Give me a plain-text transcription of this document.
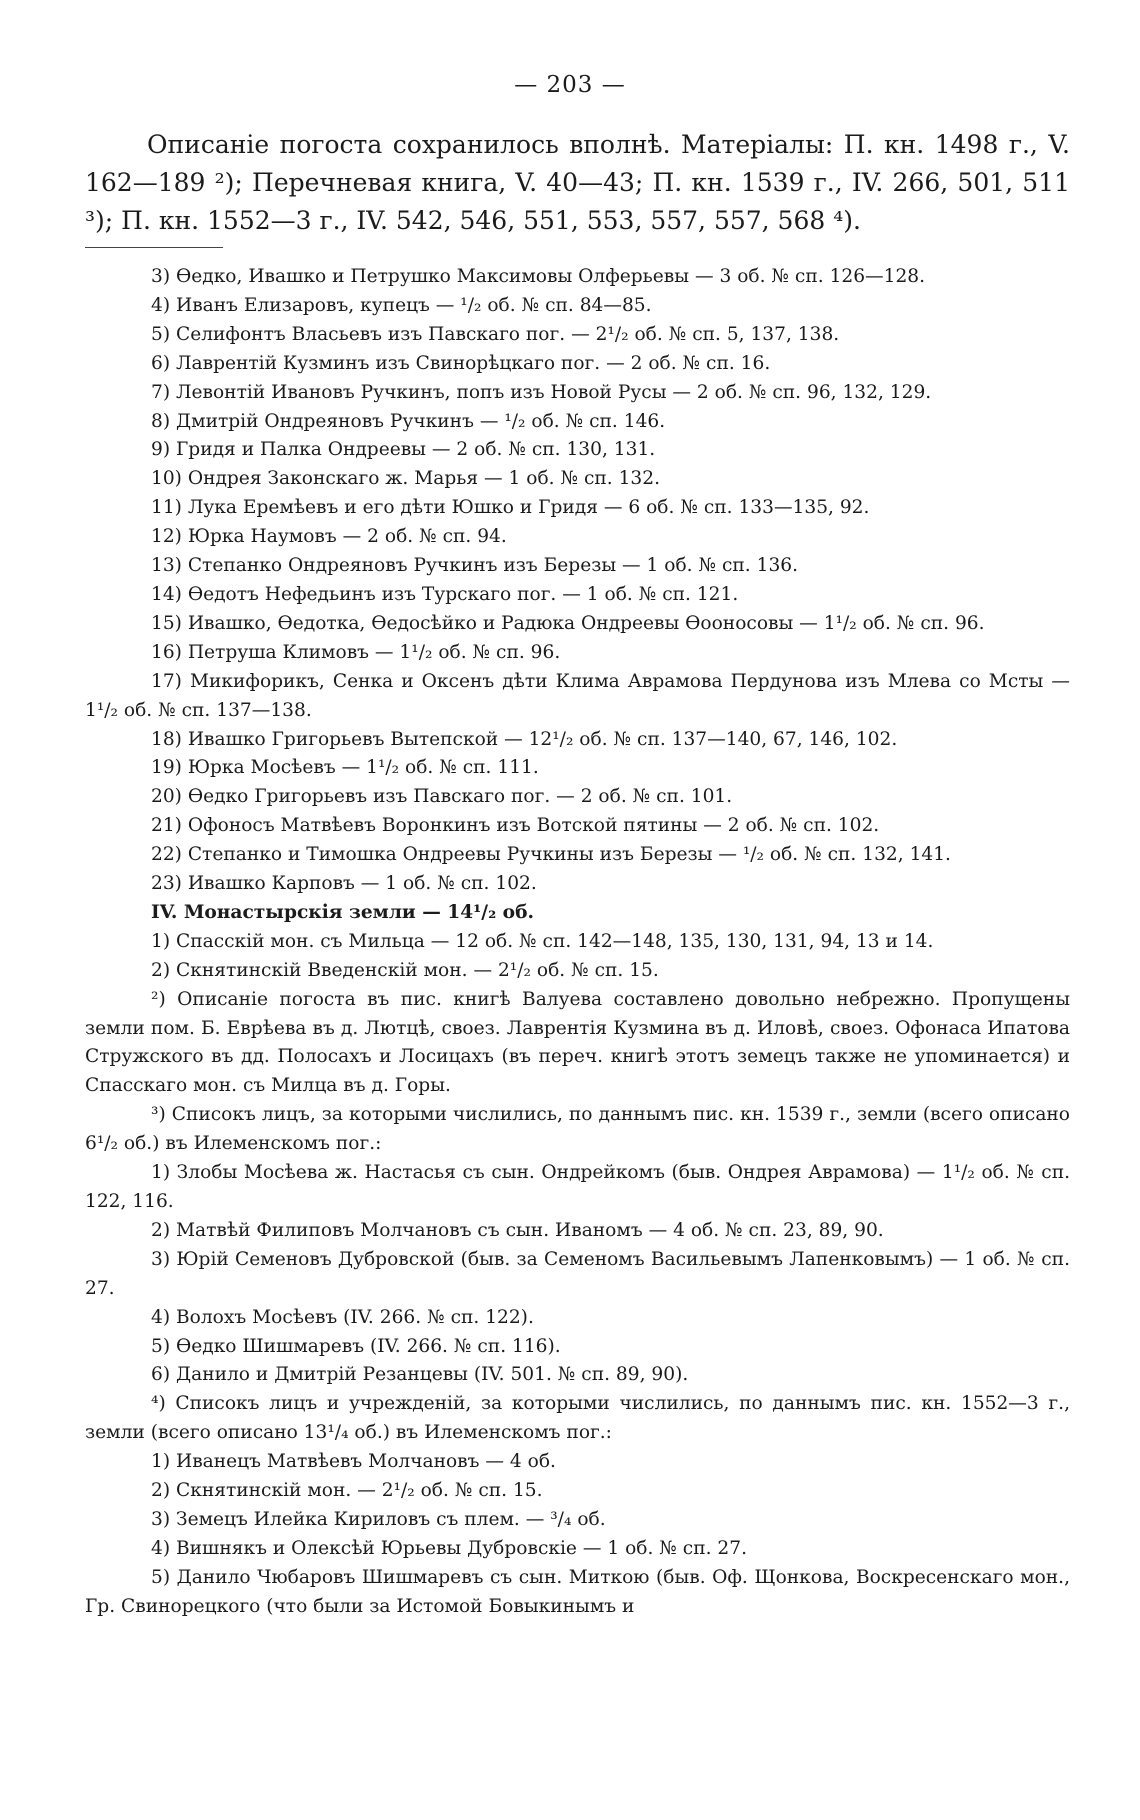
— 203 —

Описаніе погоста сохранилось вполнѣ. Матеріалы: П. кн. 1498 г., V. 162—189 ²); Перечневая книга, V. 40—43; П. кн. 1539 г., IV. 266, 501, 511 ³); П. кн. 1552—3 г., IV. 542, 546, 551, 553, 557, 557, 568 ⁴).

3) Өедко, Ивашко и Петрушко Максимовы Олферьевы — 3 об. № сп. 126—128.

4) Иванъ Елизаровъ, купецъ — ¹/₂ об. № сп. 84—85.

5) Селифонтъ Власьевъ изъ Павскаго пог. — 2¹/₂ об. № сп. 5, 137, 138.

6) Лаврентій Кузминъ изъ Свинорѣцкаго пог. — 2 об. № сп. 16.

7) Левонтій Ивановъ Ручкинъ, попъ изъ Новой Русы — 2 об. № сп. 96, 132, 129.

8) Дмитрій Ондреяновъ Ручкинъ — ¹/₂ об. № сп. 146.

9) Гридя и Палка Ондреевы — 2 об. № сп. 130, 131.

10) Ондрея Законскаго ж. Марья — 1 об. № сп. 132.

11) Лука Еремѣевъ и его дѣти Юшко и Гридя — 6 об. № сп. 133—135, 92.

12) Юрка Наумовъ — 2 об. № сп. 94.

13) Степанко Ондреяновъ Ручкинъ изъ Березы — 1 об. № сп. 136.

14) Өедотъ Нефедьинъ изъ Турскаго пог. — 1 об. № сп. 121.

15) Ивашко, Өедотка, Өедосѣйко и Радюка Ондреевы Өооносовы — 1¹/₂ об. № сп. 96.

16) Петруша Климовъ — 1¹/₂ об. № сп. 96.

17) Микифорикъ, Сенка и Оксенъ дѣти Клима Аврамова Пердунова изъ Млева со Мсты — 1¹/₂ об. № сп. 137—138.

18) Ивашко Григорьевъ Вытепской — 12¹/₂ об. № сп. 137—140, 67, 146, 102.

19) Юрка Мосѣевъ — 1¹/₂ об. № сп. 111.

20) Өедко Григорьевъ изъ Павскаго пог. — 2 об. № сп. 101.

21) Офоносъ Матвѣевъ Воронкинъ изъ Вотской пятины — 2 об. № сп. 102.

22) Степанко и Тимошка Ондреевы Ручкины изъ Березы — ¹/₂ об. № сп. 132, 141.

23) Ивашко Карповъ — 1 об. № сп. 102.

IV. Монастырскія земли — 14¹/₂ об.

1) Спасскій мон. съ Мильца — 12 об. № сп. 142—148, 135, 130, 131, 94, 13 и 14.

2) Скнятинскій Введенскій мон. — 2¹/₂ об. № сп. 15.

²) Описаніе погоста въ пис. книгѣ Валуева составлено довольно небрежно. Пропущены земли пом. Б. Еврѣева въ д. Лютцѣ, своез. Лаврентія Кузмина въ д. Иловѣ, своез. Офонаса Ипатова Стружского въ дд. Полосахъ и Лосицахъ (въ переч. книгѣ этотъ земецъ также не упоминается) и Спасскаго мон. съ Милца въ д. Горы.

³) Списокъ лицъ, за которыми числились, по даннымъ пис. кн. 1539 г., земли (всего описано 6¹/₂ об.) въ Илеменскомъ пог.:

1) Злобы Мосѣева ж. Настасья съ сын. Ондрейкомъ (быв. Ондрея Аврамова) — 1¹/₂ об. № сп. 122, 116.

2) Матвѣй Филиповъ Молчановъ съ сын. Иваномъ — 4 об. № сп. 23, 89, 90.

3) Юрій Семеновъ Дубровской (быв. за Семеномъ Васильевымъ Лапенковымъ) — 1 об. № сп. 27.

4) Волохъ Мосѣевъ (IV. 266. № сп. 122).

5) Өедко Шишмаревъ (IV. 266. № сп. 116).

6) Данило и Дмитрій Резанцевы (IV. 501. № сп. 89, 90).

⁴) Списокъ лицъ и учрежденій, за которыми числились, по даннымъ пис. кн. 1552—3 г., земли (всего описано 13¹/₄ об.) въ Илеменскомъ пог.:

1) Иванецъ Матвѣевъ Молчановъ — 4 об.

2) Скнятинскій мон. — 2¹/₂ об. № сп. 15.

3) Земецъ Илейка Кириловъ съ плем. — ³/₄ об.

4) Вишнякъ и Олексѣй Юрьевы Дубровскіе — 1 об. № сп. 27.

5) Данило Чюбаровъ Шишмаревъ съ сын. Миткою (быв. Оф. Щонкова, Воскресенскаго мон., Гр. Свинорецкого (что были за Истомой Бовыкинымъ и
